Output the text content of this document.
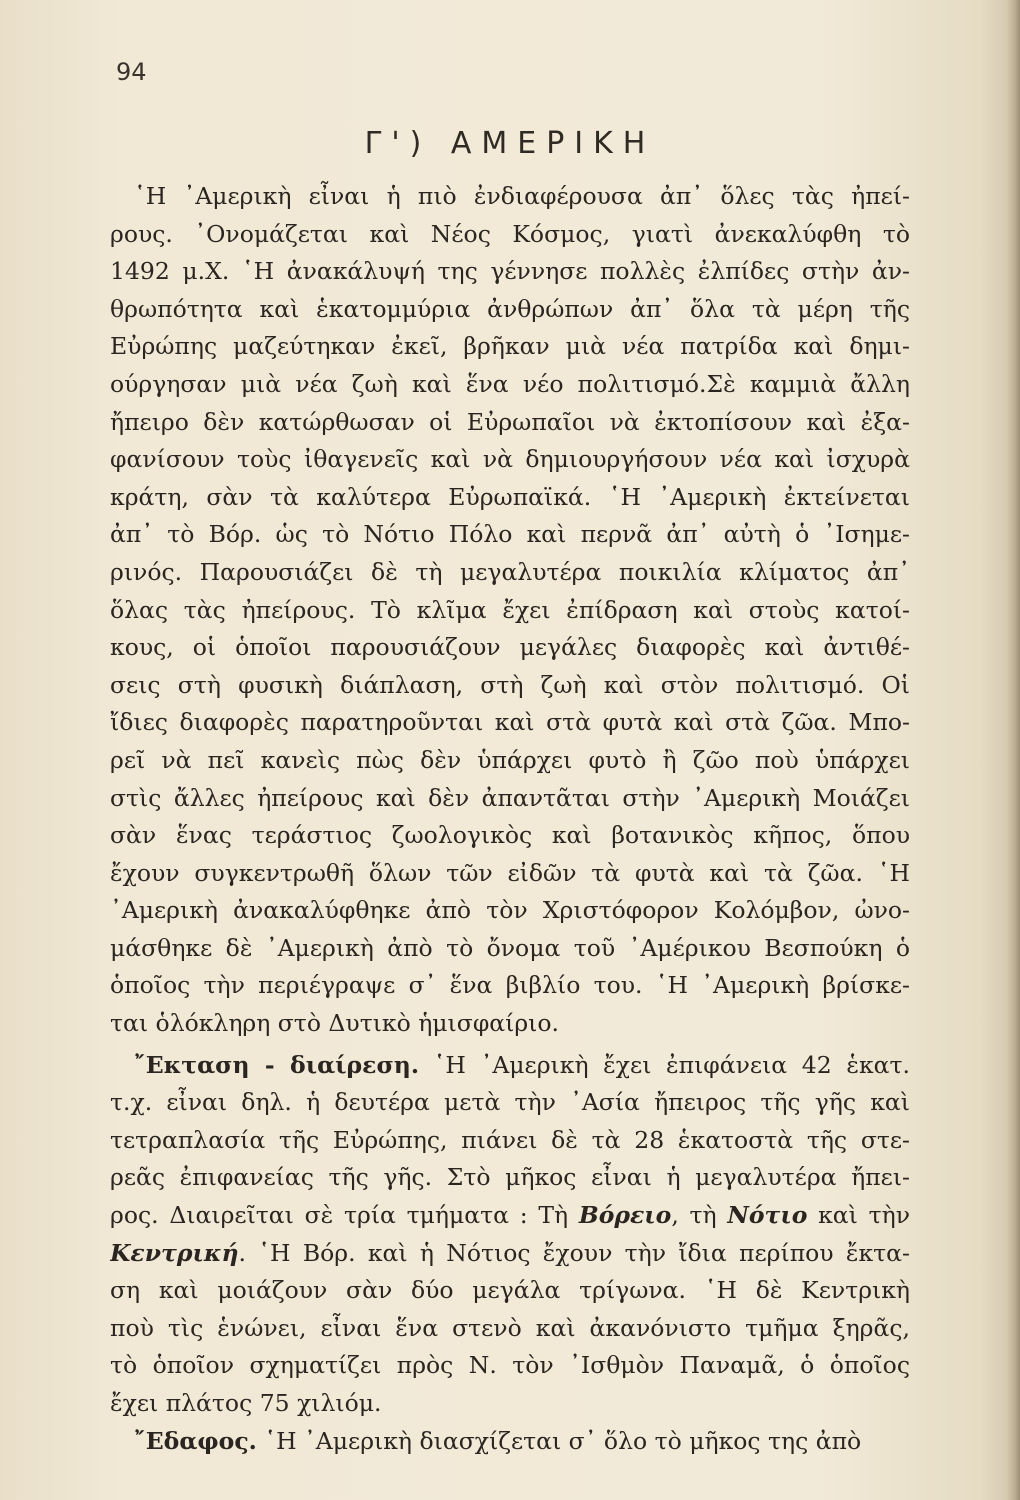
94
Γ') ΑΜΕΡΙΚΗ
῾Η ᾿Αμερικὴ εἶναι ἡ πιὸ ἐνδιαφέρουσα ἀπ᾿ ὅλες τὰς ἠπεί-
ρους. ᾿Ονομάζεται καὶ Νέος Κόσμος, γιατὶ ἀνεκαλύφθη τὸ
1492 μ.Χ. ῾Η ἀνακάλυψή της γέννησε πολλὲς ἐλπίδες στὴν ἀν-
θρωπότητα καὶ ἑκατομμύρια ἀνθρώπων ἀπ᾿ ὅλα τὰ μέρη τῆς
Εὐρώπης μαζεύτηκαν ἐκεῖ, βρῆκαν μιὰ νέα πατρίδα καὶ δημι-
ούργησαν μιὰ νέα ζωὴ καὶ ἕνα νέο πολιτισμό.Σὲ καμμιὰ ἄλλη
ἤπειρο δὲν κατώρθωσαν οἱ Εὐρωπαῖοι νὰ ἐκτοπίσουν καὶ ἐξα-
φανίσουν τοὺς ἰθαγενεῖς καὶ νὰ δημιουργήσουν νέα καὶ ἰσχυρὰ
κράτη, σὰν τὰ καλύτερα Εὐρωπαϊκά. ῾Η ᾿Αμερικὴ ἐκτείνεται
ἀπ᾿ τὸ Βόρ. ὡς τὸ Νότιο Πόλο καὶ περνᾶ ἀπ᾿ αὐτὴ ὁ ᾿Ισημε-
ρινός. Παρουσιάζει δὲ τὴ μεγαλυτέρα ποικιλία κλίματος ἀπ᾿
ὅλας τὰς ἠπείρους. Τὸ κλῖμα ἔχει ἐπίδραση καὶ στοὺς κατοί-
κους, οἱ ὁποῖοι παρουσιάζουν μεγάλες διαφορὲς καὶ ἀντιθέ-
σεις στὴ φυσικὴ διάπλαση, στὴ ζωὴ καὶ στὸν πολιτισμό. Οἱ
ἴδιες διαφορὲς παρατηροῦνται καὶ στὰ φυτὰ καὶ στὰ ζῶα. Μπο-
ρεῖ νὰ πεῖ κανεὶς πὼς δὲν ὑπάρχει φυτὸ ἢ ζῶο ποὺ ὑπάρχει
στὶς ἄλλες ἠπείρους καὶ δὲν ἀπαντᾶται στὴν ᾿Αμερικὴ Μοιάζει
σὰν ἕνας τεράστιος ζωολογικὸς καὶ βοτανικὸς κῆπος, ὅπου
ἔχουν συγκεντρωθῆ ὅλων τῶν εἰδῶν τὰ φυτὰ καὶ τὰ ζῶα. ῾Η
᾿Αμερικὴ ἀνακαλύφθηκε ἀπὸ τὸν Χριστόφορον Κολόμβον, ὠνο-
μάσθηκε δὲ ᾿Αμερικὴ ἀπὸ τὸ ὄνομα τοῦ ᾿Αμέρικου Βεσπούκη ὁ
ὁποῖος τὴν περιέγραψε σ᾿ ἕνα βιβλίο του. ῾Η ᾿Αμερικὴ βρίσκε-
ται ὁλόκληρη στὸ Δυτικὸ ἡμισφαίριο.
῎Εκταση - διαίρεση. ῾Η ᾿Αμερικὴ ἔχει ἐπιφάνεια 42 ἑκατ.
τ.χ. εἶναι δηλ. ἡ δευτέρα μετὰ τὴν ᾿Ασία ἤπειρος τῆς γῆς καὶ
τετραπλασία τῆς Εὐρώπης, πιάνει δὲ τὰ 28 ἑκατοστὰ τῆς στε-
ρεᾶς ἐπιφανείας τῆς γῆς. Στὸ μῆκος εἶναι ἡ μεγαλυτέρα ἤπει-
ρος. Διαιρεῖται σὲ τρία τμήματα : Τὴ Βόρειο, τὴ Νότιο καὶ τὴν
Κεντρική. ῾Η Βόρ. καὶ ἡ Νότιος ἔχουν τὴν ἴδια περίπου ἔκτα-
ση καὶ μοιάζουν σὰν δύο μεγάλα τρίγωνα. ῾Η δὲ Κεντρικὴ
ποὺ τὶς ἑνώνει, εἶναι ἕνα στενὸ καὶ ἀκανόνιστο τμῆμα ξηρᾶς,
τὸ ὁποῖον σχηματίζει πρὸς Ν. τὸν ᾿Ισθμὸν Παναμᾶ, ὁ ὁποῖος
ἔχει πλάτος 75 χιλιόμ.
῎Εδαφος. ῾Η ᾿Αμερικὴ διασχίζεται σ᾿ ὅλο τὸ μῆκος της ἀπὸ
